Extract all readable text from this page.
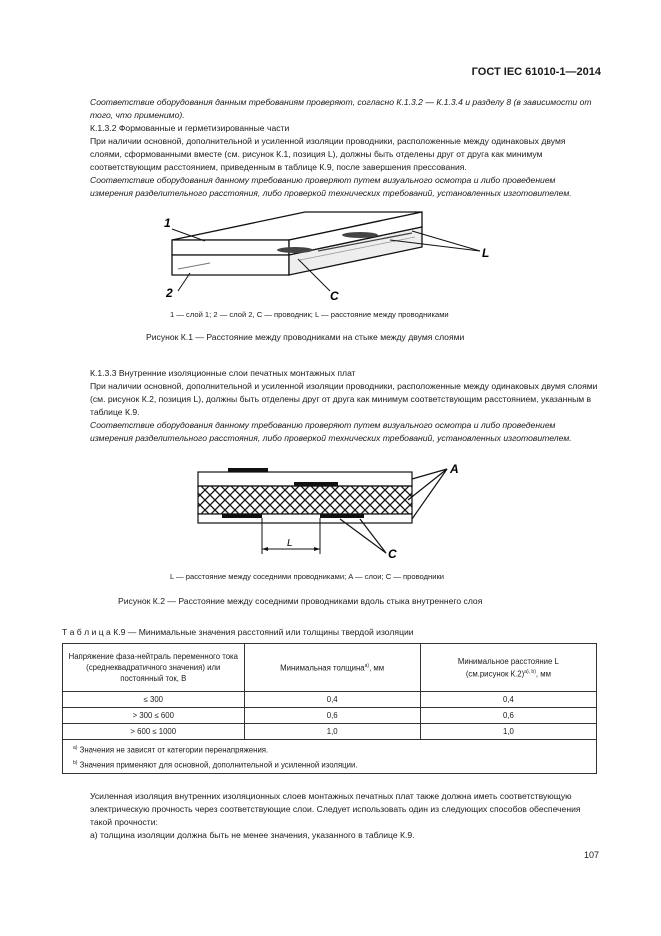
ГОСТ IEC 61010-1—2014
Соответствие оборудования данным требованиям проверяют, согласно К.1.3.2 — К.1.3.4 и разделу 8 (в зависимости от того, что применимо).
К.1.3.2 Формованные и герметизированные части
При наличии основной, дополнительной и усиленной изоляции проводники, расположенные между одинаковых двумя слоями, сформованными вместе (см. рисунок К.1, позиция L), должны быть отделены друг от друга как минимум соответствующим расстоянием, приведенным в таблице К.9, после завершения прессования.
Соответствие оборудования данному требованию проверяют путем визуального осмотра и либо проведением измерения разделительного расстояния, либо проверкой технических требований, установленных изготовителем.
1
2	C
L
1 — слой 1; 2 — слой 2, C — проводник; L — расстояние между проводниками
Рисунок К.1 — Расстояние между проводниками на стыке между двумя слоями
К.1.3.3 Внутренние изоляционные слои печатных монтажных плат
При наличии основной, дополнительной и усиленной изоляции проводники, расположенные между одинаковых двумя слоями (см. рисунок К.2, позиция L), должны быть отделены друг от друга как минимум соответствующим расстоянием, указанным в таблице К.9.
Соответствие оборудования данному требованию проверяют путем визуального осмотра и либо проведением измерения разделительного расстояния, либо проверкой технических требований, установленных изготовителем.
L
A
C
L — расстояние между соседними проводниками; A — слои; C — проводники
Рисунок К.2 — Расстояние между соседними проводниками вдоль стыка внутреннего слоя
Т а б л и ц а К.9 — Минимальные значения расстояний или толщины твердой изоляции
Напряжение фаза-нейтраль переменного тока (среднеквадратичного значения) или постоянный ток, В	Минимальная толщина$^{a)}$, мм	Минимальное расстояние L
(см.рисунок К.2)$^{a), b)}$, мм
≤ 300	0,4	0,4
> 300 ≤ 600	0,6	0,6
> 600 ≤ 1000	1,0	1,0

$^{a)}$ Значения не зависят от категории перенапряжения.
$^{b)}$ Значения применяют для основной, дополнительной и усиленной изоляции.		
Усиленная изоляция внутренних изоляционных слоев монтажных печатных плат также должна иметь соответствующую электрическую прочность через соответствующие слои. Следует использовать один из следующих способов обеспечения такой прочности:
а) толщина изоляции должна быть не менее значения, указанного в таблице К.9.
107
